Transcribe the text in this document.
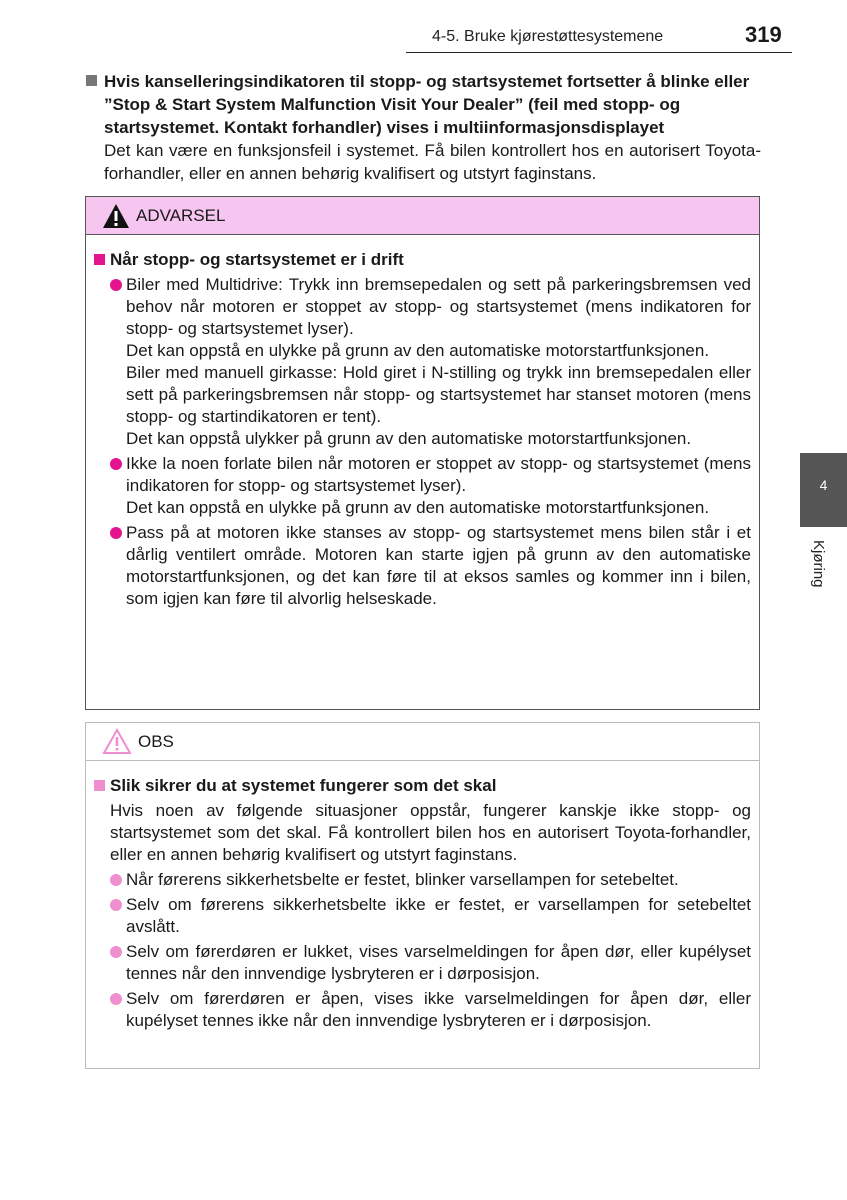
4-5. Bruke kjørestøttesystemene	319
Hvis kanselleringsindikatoren til stopp- og startsystemet fortsetter å blinke eller ”Stop & Start System Malfunction Visit Your Dealer” (feil med stopp- og startsystemet. Kontakt forhandler) vises i multiinformasjonsdisplayet
Det kan være en funksjonsfeil i systemet. Få bilen kontrollert hos en autorisert Toyota-forhandler, eller en annen behørig kvalifisert og utstyrt faginstans.
ADVARSEL
Når stopp- og startsystemet er i drift
Biler med Multidrive: Trykk inn bremsepedalen og sett på parkeringsbremsen ved behov når motoren er stoppet av stopp- og startsystemet (mens indikatoren for stopp- og startsystemet lyser).
Det kan oppstå en ulykke på grunn av den automatiske motorstartfunksjonen.
Biler med manuell girkasse: Hold giret i N-stilling og trykk inn bremsepedalen eller sett på parkeringsbremsen når stopp- og startsystemet har stanset motoren (mens stopp- og startindikatoren er tent).
Det kan oppstå ulykker på grunn av den automatiske motorstartfunksjonen.
Ikke la noen forlate bilen når motoren er stoppet av stopp- og startsystemet (mens indikatoren for stopp- og startsystemet lyser).
Det kan oppstå en ulykke på grunn av den automatiske motorstartfunksjonen.
Pass på at motoren ikke stanses av stopp- og startsystemet mens bilen står i et dårlig ventilert område. Motoren kan starte igjen på grunn av den automatiske motorstartfunksjonen, og det kan føre til at eksos samles og kommer inn i bilen, som igjen kan føre til alvorlig helseskade.
OBS
Slik sikrer du at systemet fungerer som det skal
Hvis noen av følgende situasjoner oppstår, fungerer kanskje ikke stopp- og startsystemet som det skal. Få kontrollert bilen hos en autorisert Toyota-forhandler, eller en annen behørig kvalifisert og utstyrt faginstans.
Når førerens sikkerhetsbelte er festet, blinker varsellampen for setebeltet.
Selv om førerens sikkerhetsbelte ikke er festet, er varsellampen for setebeltet avslått.
Selv om førerdøren er lukket, vises varselmeldingen for åpen dør, eller kupélyset tennes når den innvendige lysbryteren er i dørposisjon.
Selv om førerdøren er åpen, vises ikke varselmeldingen for åpen dør, eller kupélyset tennes ikke når den innvendige lysbryteren er i dørposisjon.
4
Kjøring
